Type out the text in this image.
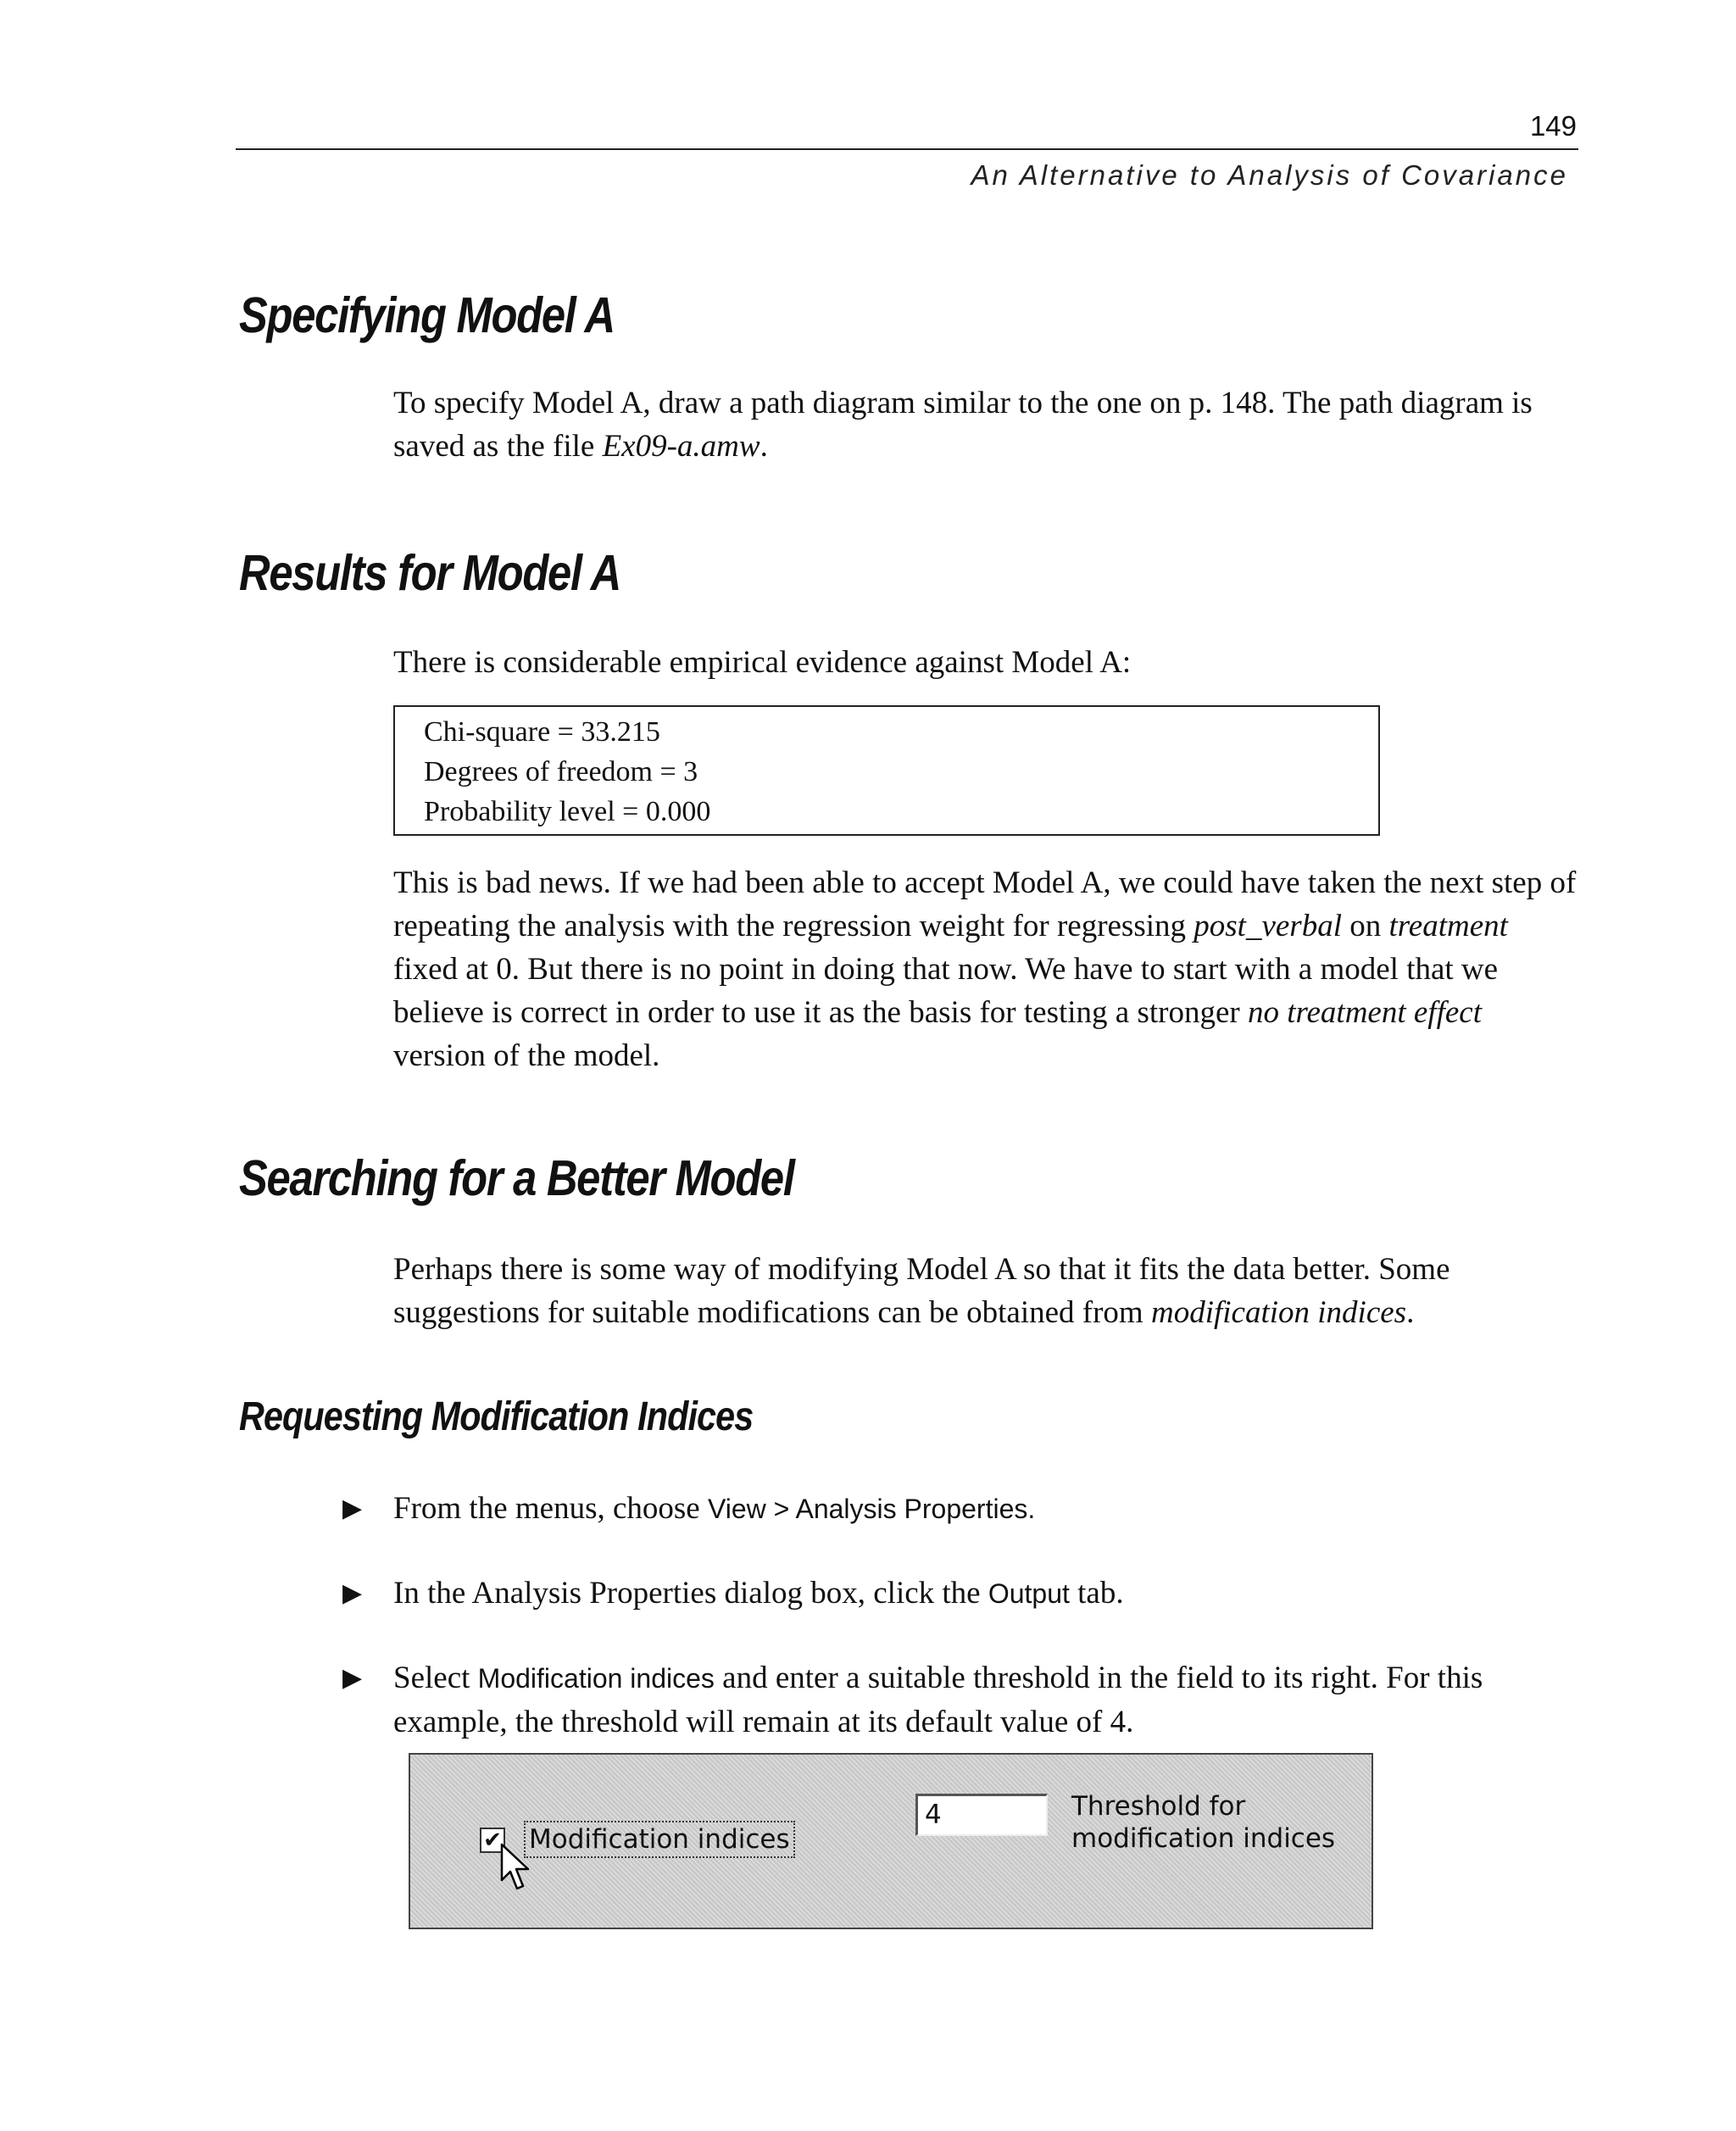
149
An Alternative to Analysis of Covariance
Specifying Model A
To specify Model A, draw a path diagram similar to the one on p. 148. The path diagram is saved as the file Ex09-a.amw.
Results for Model A
There is considerable empirical evidence against Model A:
Chi-square = 33.215
Degrees of freedom = 3
Probability level = 0.000
This is bad news. If we had been able to accept Model A, we could have taken the next step of repeating the analysis with the regression weight for regressing post_verbal on treatment fixed at 0. But there is no point in doing that now. We have to start with a model that we believe is correct in order to use it as the basis for testing a stronger no treatment effect version of the model.
Searching for a Better Model
Perhaps there is some way of modifying Model A so that it fits the data better. Some suggestions for suitable modifications can be obtained from modification indices.
Requesting Modification Indices
▶ From the menus, choose View > Analysis Properties.
▶ In the Analysis Properties dialog box, click the Output tab.
▶ Select Modification indices and enter a suitable threshold in the field to its right. For this example, the threshold will remain at its default value of 4.
✔ Modification indices
4	Threshold for
modification indices
